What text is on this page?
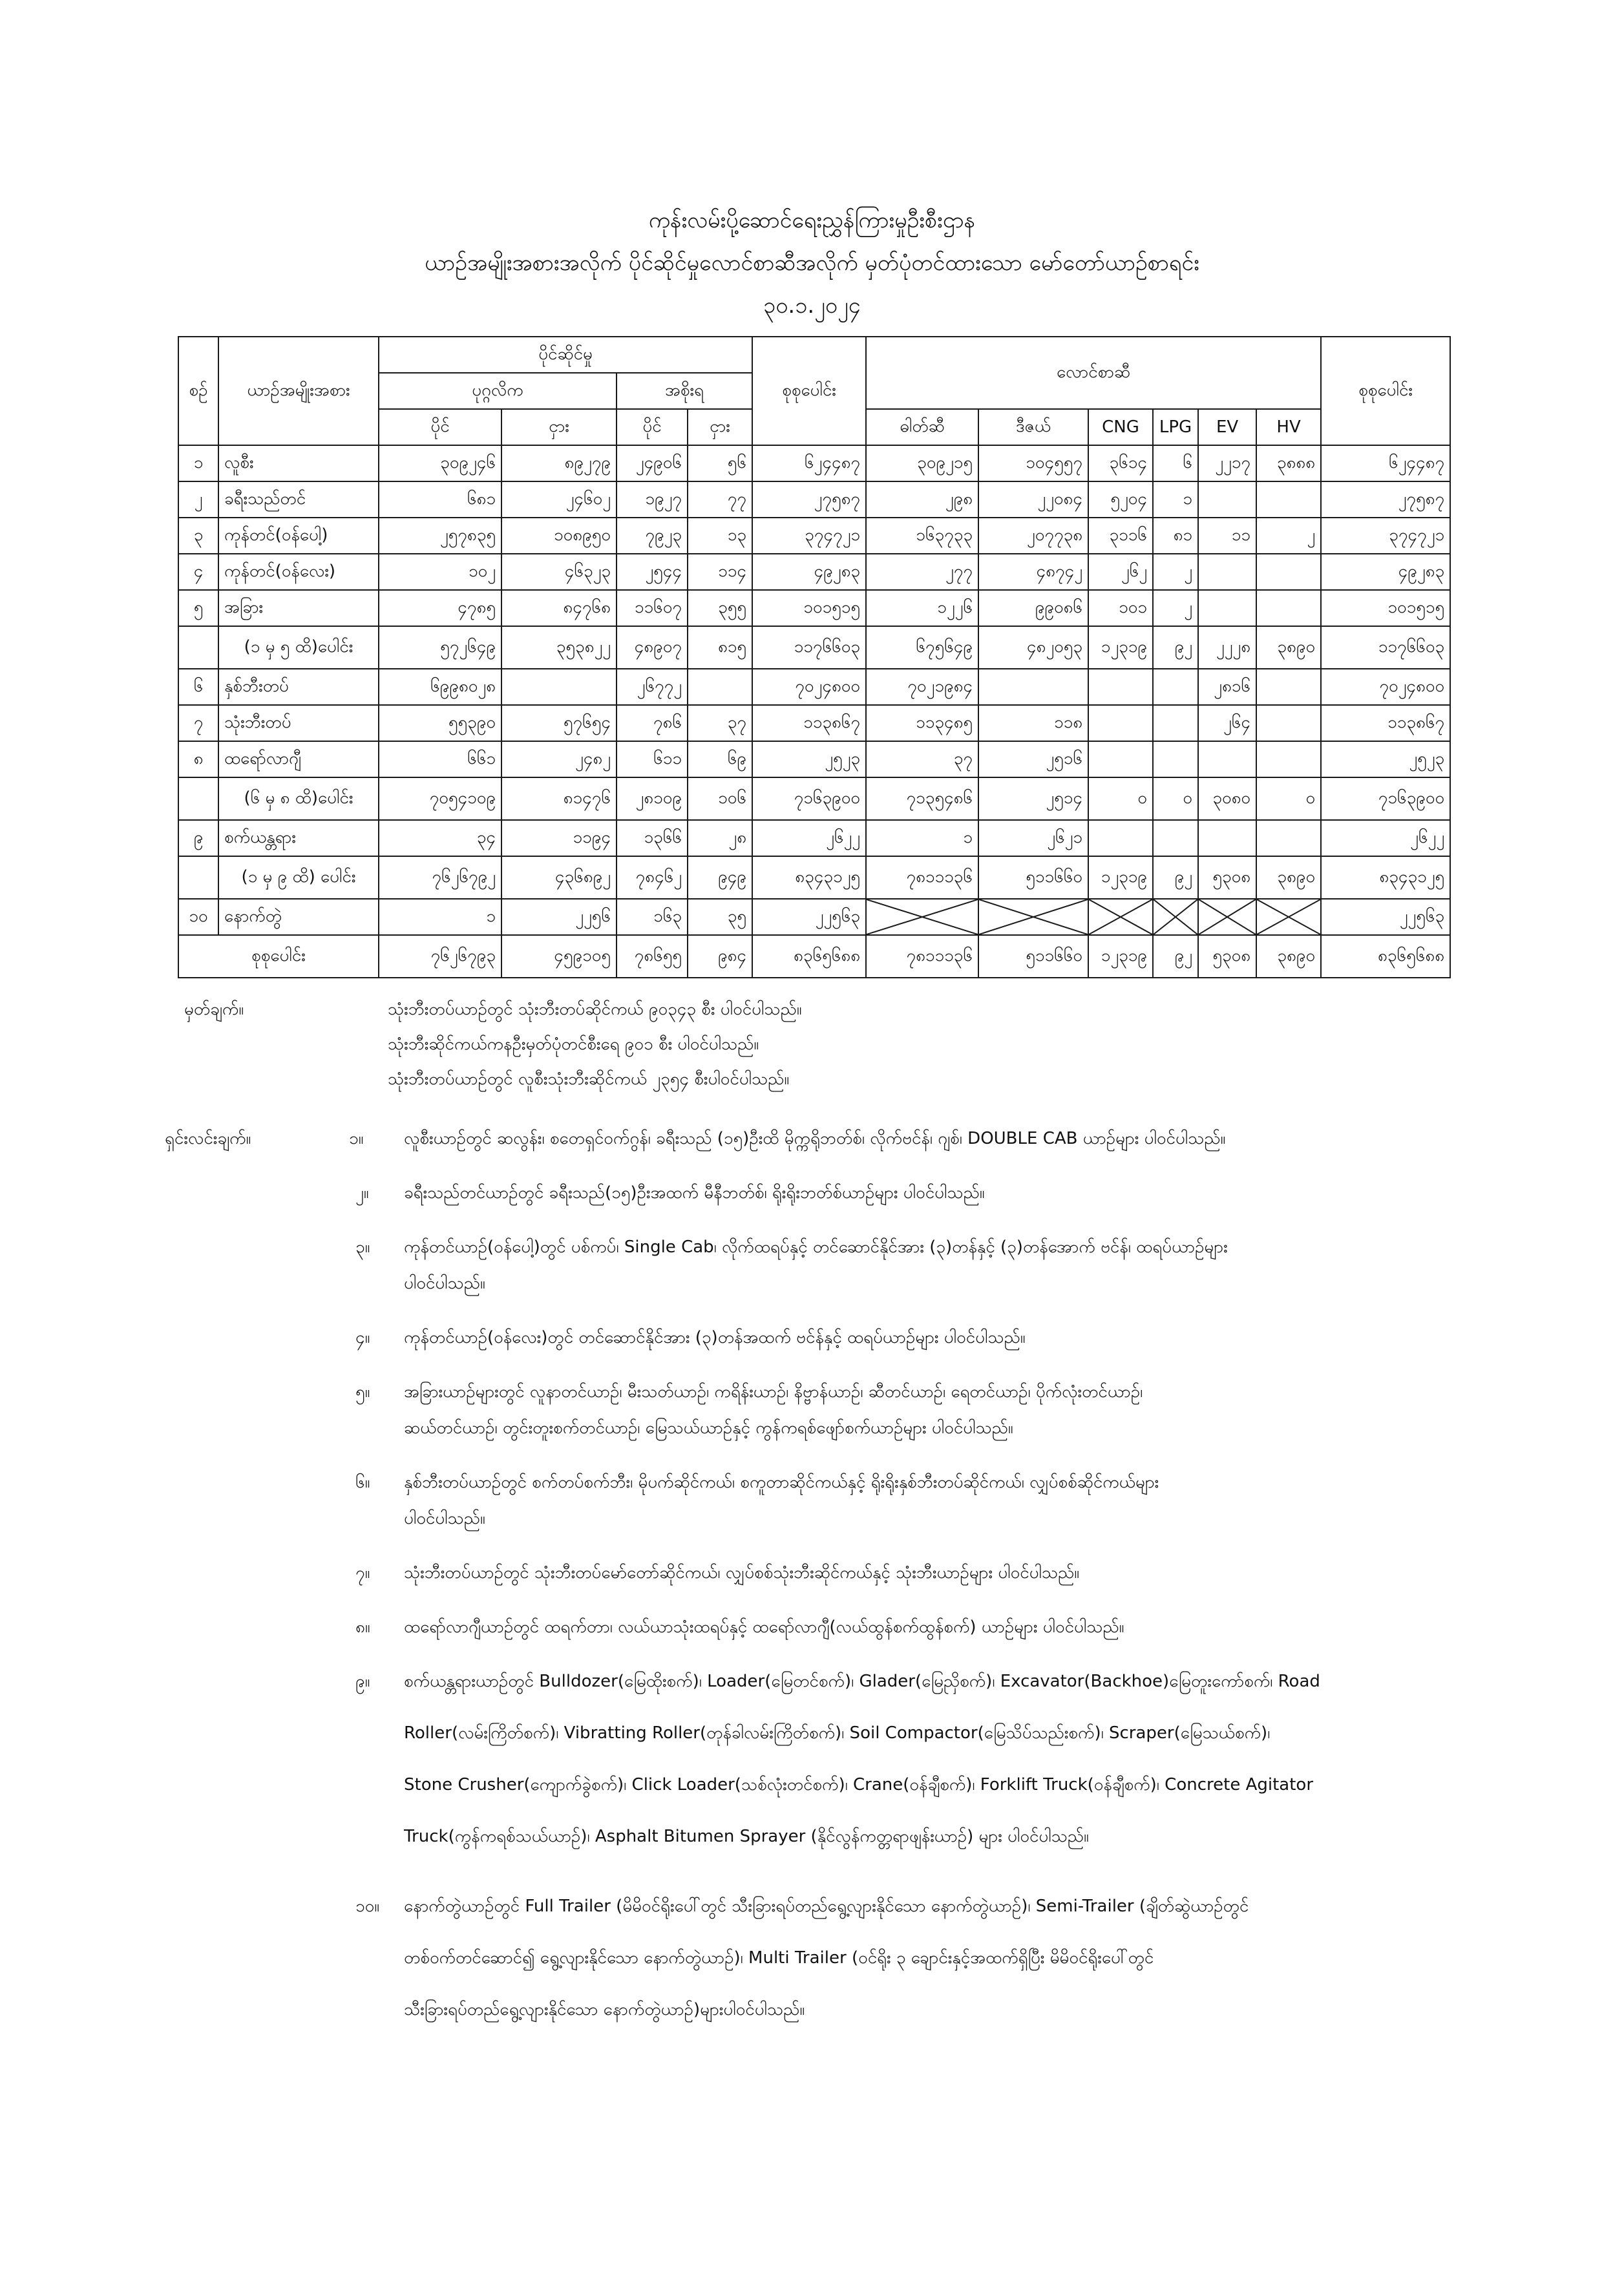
ကုန်းလမ်းပို့ဆောင်ရေးညွှန်ကြားမှုဦးစီးဌာန
ယာဉ်အမျိုးအစားအလိုက် ပိုင်ဆိုင်မှုလောင်စာဆီအလိုက် မှတ်ပုံတင်ထားသော မော်တော်ယာဉ်စာရင်း
၃၀.၁.၂၀၂၄
စဉ်	ယာဉ်အမျိုးအစား	ပိုင်ဆိုင်မှု				စုစုပေါင်း	လောင်စာဆီ						စုစုပေါင်း
		ပုဂ္ဂလိက		အစိုးရ									
		ပိုင်	ငှား	ပိုင်	ငှား		ဓါတ်ဆီ	ဒီဇယ်	CNG	LPG	EV	HV	
၁	လူစီး	၃၀၉၂၄၆	၈၉၂၇၉	၂၄၉၀၆	၅၆	၆၂၄၄၈၇	၃၀၉၂၁၅	၁၀၄၅၅၇	၃၆၁၄	၆	၂၂၁၇	၃၈၈၈	၆၂၄၄၈၇
၂	ခရီးသည်တင်	၆၈၁	၂၄၆၀၂	၁၉၂၇	၇၇	၂၇၅၈၇	၂၉၈	၂၂၀၈၄	၅၂၀၄	၁			၂၇၅၈၇
၃	ကုန်တင်(ဝန်ပေါ့)	၂၅၇၈၃၅	၁၀၈၉၅၀	၇၉၂၃	၁၃	၃၇၄၇၂၁	၁၆၃၇၃၃	၂၀၇၇၃၈	၃၁၁၆	၈၁	၁၁	၂	၃၇၄၇၂၁
၄	ကုန်တင်(ဝန်လေး)	၁၀၂	၄၆၃၂၃	၂၅၄၄	၁၁၄	၄၉၂၈၃	၂၇၇	၄၈၇၄၂	၂၆၂	၂			၄၉၂၈၃
၅	အခြား	၄၇၈၅	၈၄၇၆၈	၁၁၆၀၇	၃၅၅	၁၀၁၅၁၅	၁၂၂၆	၉၉၀၈၆	၁၀၁	၂			၁၀၁၅၁၅
	(၁ မှ ၅ ထိ)ပေါင်း	၅၇၂၆၄၉	၃၅၃၈၂၂	၄၈၉၀၇	၈၁၅	၁၁၇၆၆၀၃	၆၇၅၆၄၉	၄၈၂၀၅၃	၁၂၃၁၉	၉၂	၂၂၂၈	၃၈၉၀	၁၁၇၆၆၀၃
၆	နှစ်ဘီးတပ်	၆၉၉၈၀၂၈		၂၆၇၇၂		၇၀၂၄၈၀၀	၇၀၂၁၉၈၄				၂၈၁၆		၇၀၂၄၈၀၀
၇	သုံးဘီးတပ်	၅၅၃၉၀	၅၇၆၅၄	၇၈၆	၃၇	၁၁၃၈၆၇	၁၁၃၄၈၅	၁၁၈			၂၆၄		၁၁၃၈၆၇
၈	ထရော်လာဂျီ	၆၆၁	၂၄၈၂	၆၁၁	၆၉	၂၅၂၃	၃၇	၂၅၁၆					၂၅၂၃
	(၆ မှ ၈ ထိ)ပေါင်း	၇၀၅၄၁၀၉	၈၁၄၇၆	၂၈၁၀၉	၁၀၆	၇၁၆၃၉၀၀	၇၁၃၅၄၈၆	၂၅၁၄	၀	၀	၃၀၈၀	၀	၇၁၆၃၉၀၀
၉	စက်ယန္တရား	၃၄	၁၁၉၄	၁၃၆၆	၂၈	၂၆၂၂	၁	၂၆၂၁					၂၆၂၂
	(၁ မှ ၉ ထိ) ပေါင်း	၇၆၂၆၇၉၂	၄၃၆၈၉၂	၇၈၄၆၂	၉၄၉	၈၃၄၃၁၂၅	၇၈၁၁၁၃၆	၅၁၁၆၆၀	၁၂၃၁၉	၉၂	၅၃၀၈	၃၈၉၀	၈၃၄၃၁၂၅
၁၀	နောက်တွဲ	၁	၂၂၅၆	၁၆၃	၃၅	၂၂၅၆၃							၂၂၅၆၃
စုစုပေါင်း		၇၆၂၆၇၉၃	၄၅၉၁၀၅	၇၈၆၅၅	၉၈၄	၈၃၆၅၆၈၈	၇၈၁၁၁၃၆	၅၁၁၆၆၀	၁၂၃၁၉	၉၂	၅၃၀၈	၃၈၉၀	၈၃၆၅၆၈၈
မှတ်ချက်။	သုံးဘီးတပ်ယာဉ်တွင် သုံးဘီးတပ်ဆိုင်ကယ် ၉၀၃၄၃ စီး ပါဝင်ပါသည်။
သုံးဘီးဆိုင်ကယ်ကနဦးမှတ်ပုံတင်စီးရေ ၉၀၁ စီး ပါဝင်ပါသည်။
သုံးဘီးတပ်ယာဉ်တွင် လူစီးသုံးဘီးဆိုင်ကယ် ၂၃၅၄ စီးပါဝင်ပါသည်။
ရှင်းလင်းချက်။	၁။ လူစီးယာဉ်တွင် ဆလွန်း၊ စတေရှင်ဝက်ဂွန်၊ ခရီးသည် (၁၅)ဦးထိ မိုက္ကရိုဘတ်စ်၊ လိုက်ဗင်န်၊ ဂျစ်၊ DOUBLE CAB ယာဉ်များ ပါဝင်ပါသည်။
၂။ ခရီးသည်တင်ယာဉ်တွင် ခရီးသည်(၁၅)ဦးအထက် မီနီဘတ်စ်၊ ရိုးရိုးဘတ်စ်ယာဉ်များ ပါဝင်ပါသည်။
၃။ ကုန်တင်ယာဉ်(ဝန်ပေါ့)တွင် ပစ်ကပ်၊ Single Cab၊ လိုက်ထရပ်နှင့် တင်ဆောင်နိုင်အား (၃)တန်နှင့် (၃)တန်အောက် ဗင်န်၊ ထရပ်ယာဉ်များ
ပါဝင်ပါသည်။
၄။ ကုန်တင်ယာဉ်(ဝန်လေး)တွင် တင်ဆောင်နိုင်အား (၃)တန်အထက် ဗင်န်နှင့် ထရပ်ယာဉ်များ ပါဝင်ပါသည်။
၅။ အခြားယာဉ်များတွင် လူနာတင်ယာဉ်၊ မီးသတ်ယာဉ်၊ ကရိန်းယာဉ်၊ နိဗ္ဗာန်ယာဉ်၊ ဆီတင်ယာဉ်၊ ရေတင်ယာဉ်၊ ပိုက်လုံးတင်ယာဉ်၊
ဆယ်တင်ယာဉ်၊ တွင်းတူးစက်တင်ယာဉ်၊ မြေသယ်ယာဉ်နှင့် ကွန်ကရစ်ဖျော်စက်ယာဉ်များ ပါဝင်ပါသည်။
၆။ နှစ်ဘီးတပ်ယာဉ်တွင် စက်တပ်စက်ဘီး၊ မိုပက်ဆိုင်ကယ်၊ စကူတာဆိုင်ကယ်နှင့် ရိုးရိုးနှစ်ဘီးတပ်ဆိုင်ကယ်၊ လျှပ်စစ်ဆိုင်ကယ်များ
ပါဝင်ပါသည်။
၇။ သုံးဘီးတပ်ယာဉ်တွင် သုံးဘီးတပ်မော်တော်ဆိုင်ကယ်၊ လျှပ်စစ်သုံးဘီးဆိုင်ကယ်နှင့် သုံးဘီးယာဉ်များ ပါဝင်ပါသည်။
၈။ ထရော်လာဂျီယာဉ်တွင် ထရက်တာ၊ လယ်ယာသုံးထရပ်နှင့် ထရော်လာဂျီ(လယ်ထွန်စက်ထွန်စက်) ယာဉ်များ ပါဝင်ပါသည်။
၉။ စက်ယန္တရားယာဉ်တွင် Bulldozer(မြေထိုးစက်)၊ Loader(မြေတင်စက်)၊ Glader(မြေညှိစက်)၊ Excavator(Backhoe)မြေတူးကော်စက်၊ Road
Roller(လမ်းကြိတ်စက်)၊ Vibratting Roller(တုန်ခါလမ်းကြိတ်စက်)၊ Soil Compactor(မြေသိပ်သည်းစက်)၊ Scraper(မြေသယ်စက်)၊
Stone Crusher(ကျောက်ခွဲစက်)၊ Click Loader(သစ်လုံးတင်စက်)၊ Crane(ဝန်ချီစက်)၊ Forklift Truck(ဝန်ချီစက်)၊ Concrete Agitator
Truck(ကွန်ကရစ်သယ်ယာဉ်)၊ Asphalt Bitumen Sprayer (နိုင်လွန်ကတ္တရာဖျန်းယာဉ်) များ ပါဝင်ပါသည်။
၁၀။ နောက်တွဲယာဉ်တွင် Full Trailer (မိမိဝင်ရိုးပေါ်တွင် သီးခြားရပ်တည်ရွေ့လျားနိုင်သော နောက်တွဲယာဉ်)၊ Semi-Trailer (ချိတ်ဆွဲယာဉ်တွင်
တစ်ဝက်တင်ဆောင်၍ ရွေ့လျားနိုင်သော နောက်တွဲယာဉ်)၊ Multi Trailer (ဝင်ရိုး ၃ ချောင်းနှင့်အထက်ရှိပြီး မိမိဝင်ရိုးပေါ်တွင်
သီးခြားရပ်တည်ရွေ့လျားနိုင်သော နောက်တွဲယာဉ်)များပါဝင်ပါသည်။
